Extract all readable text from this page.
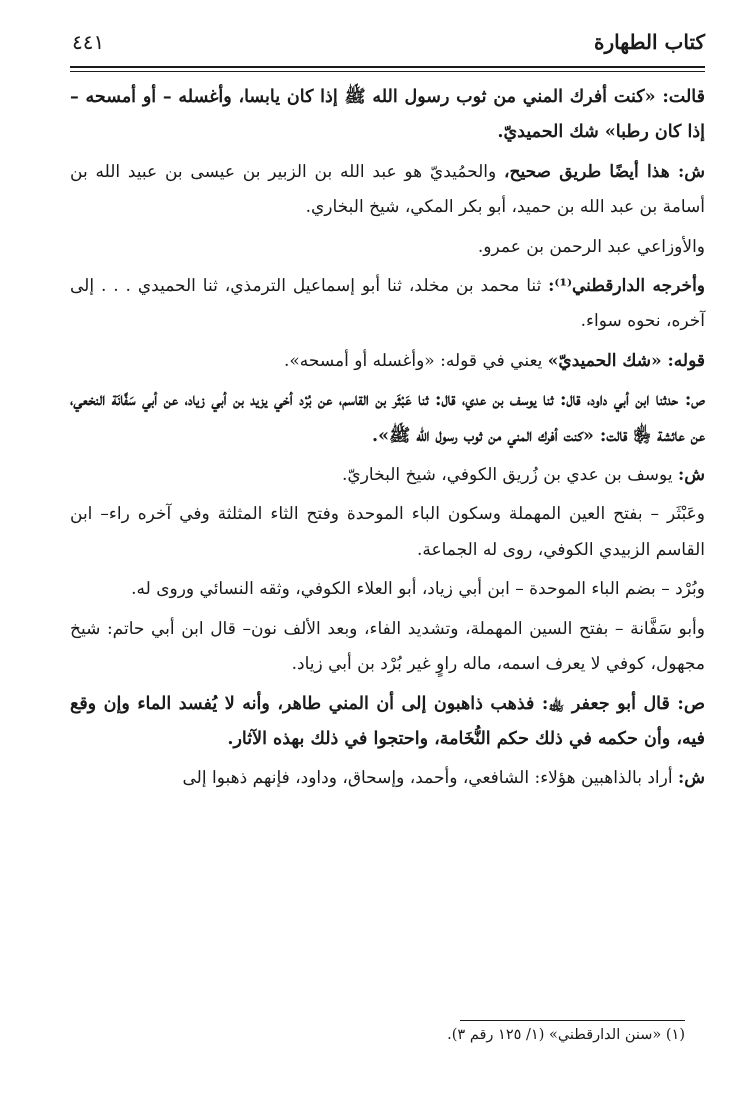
كتاب الطهارة
٤٤١

قالت: «كنت أفرك المني من ثوب رسول الله ﷺ إذا كان يابسا، وأغسله – أو أمسحه – إذا كان رطبا» شك الحميديّ.

ش: هذا أيضًا طريق صحيح، والحمُيديّ هو عبد الله بن الزبير بن عيسى بن عبيد الله بن أسامة بن عبد الله بن حميد، أبو بكر المكي، شيخ البخاري.

والأوزاعي عبد الرحمن بن عمرو.

وأخرجه الدارقطني⁽¹⁾: ثنا محمد بن مخلد، ثنا أبو إسماعيل الترمذي، ثنا الحميدي . . . إلى آخره، نحوه سواء.

قوله: «شك الحميديّ» يعني في قوله: «وأغسله أو أمسحه».

ص: حدثنا ابن أبي داود، قال: ثنا يوسف بن عدي، قال: ثنا عَبْثَر بن القاسم، عن بُرْد أخي يزيد بن أبي زياد، عن أبي سَفَّانَة النخعي، عن عائشة ﵂ قالت: «كنت أفرك المني من ثوب رسول الله ﷺ».

ش: يوسف بن عدي بن زُريق الكوفي، شيخ البخاريّ.

وعَبْثَر – بفتح العين المهملة وسكون الباء الموحدة وفتح الثاء المثلثة وفي آخره راء– ابن القاسم الزبيدي الكوفي، روى له الجماعة.

وبُرْد – بضم الباء الموحدة – ابن أبي زياد، أبو العلاء الكوفي، وثقه النسائي وروى له.

وأبو سَفَّانة – بفتح السين المهملة، وتشديد الفاء، وبعد الألف نون– قال ابن أبي حاتم: شيخ مجهول، كوفي لا يعرف اسمه، ماله راوٍ غير بُرْد بن أبي زياد.

ص: قال أبو جعفر ﵀: فذهب ذاهبون إلى أن المني طاهر، وأنه لا يُفسد الماء وإن وقع فيه، وأن حكمه في ذلك حكم النُّخَامة، واحتجوا في ذلك بهذه الآثار.

ش: أراد بالذاهبين هؤلاء: الشافعي، وأحمد، وإسحاق، وداود، فإنهم ذهبوا إلى

(١) «سنن الدارقطني» (١/ ١٢٥ رقم ٣).
